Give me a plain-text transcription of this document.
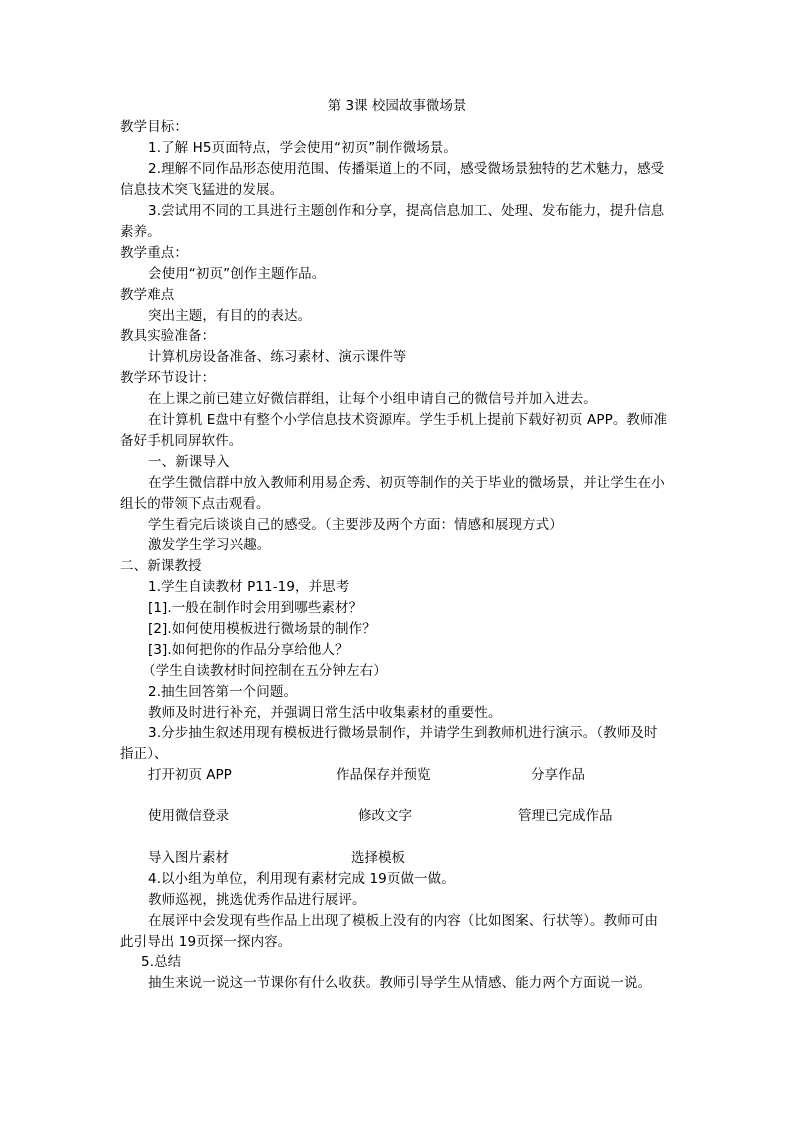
第 3课 校园故事微场景
教学目标：
1.了解 H5页面特点，学会使用“初页”制作微场景。
2.理解不同作品形态使用范围、传播渠道上的不同，感受微场景独特的艺术魅力，感受
信息技术突飞猛进的发展。
3.尝试用不同的工具进行主题创作和分享，提高信息加工、处理、发布能力，提升信息
素养。
教学重点：
会使用“初页”创作主题作品。
教学难点
突出主题，有目的的表达。
教具实验准备：
计算机房设备准备、练习素材、演示课件等
教学环节设计：
在上课之前已建立好微信群组，让每个小组申请自己的微信号并加入进去。
在计算机 E盘中有整个小学信息技术资源库。学生手机上提前下载好初页 APP。教师准
备好手机同屏软件。
一、新课导入
在学生微信群中放入教师利用易企秀、初页等制作的关于毕业的微场景，并让学生在小
组长的带领下点击观看。
学生看完后谈谈自己的感受。（主要涉及两个方面：情感和展现方式）
激发学生学习兴趣。
二、新课教授
1.学生自读教材 P11-19，并思考
[1].一般在制作时会用到哪些素材？
[2].如何使用模板进行微场景的制作？
[3].如何把你的作品分享给他人？
（学生自读教材时间控制在五分钟左右）
2.抽生回答第一个问题。
教师及时进行补充，并强调日常生活中收集素材的重要性。
3.分步抽生叙述用现有模板进行微场景制作，并请学生到教师机进行演示。（教师及时
指正）、
打开初页 APP	作品保存并预览	分享作品
使用微信登录	修改文字	管理已完成作品
导入图片素材	选择模板
4.以小组为单位，利用现有素材完成 19页做一做。
教师巡视，挑选优秀作品进行展评。
在展评中会发现有些作品上出现了模板上没有的内容（比如图案、行状等）。教师可由
此引导出 19页探一探内容。
5.总结
抽生来说一说这一节课你有什么收获。教师引导学生从情感、能力两个方面说一说。
